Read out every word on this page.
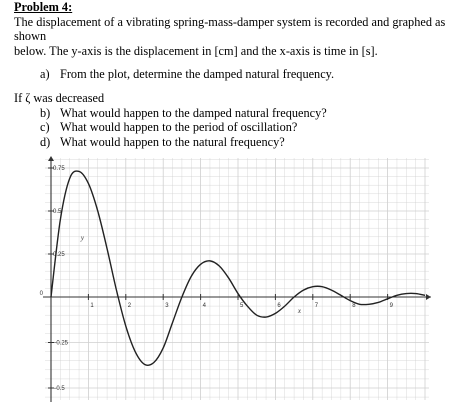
Problem 4:
The displacement of a vibrating spring-mass-damper system is recorded and graphed as shown
below. The y-axis is the displacement in [cm] and the x-axis is time in [s].

a) From the plot, determine the damped natural frequency.

If ζ was decreased

b) What would happen to the damped natural frequency?

c) What would happen to the period of oscillation?

d) What would happen to the natural frequency?

1	2	3	4	5	6	7	8	9
0.75
0.5
0.25
0
–0.25
–0.5
y
x
